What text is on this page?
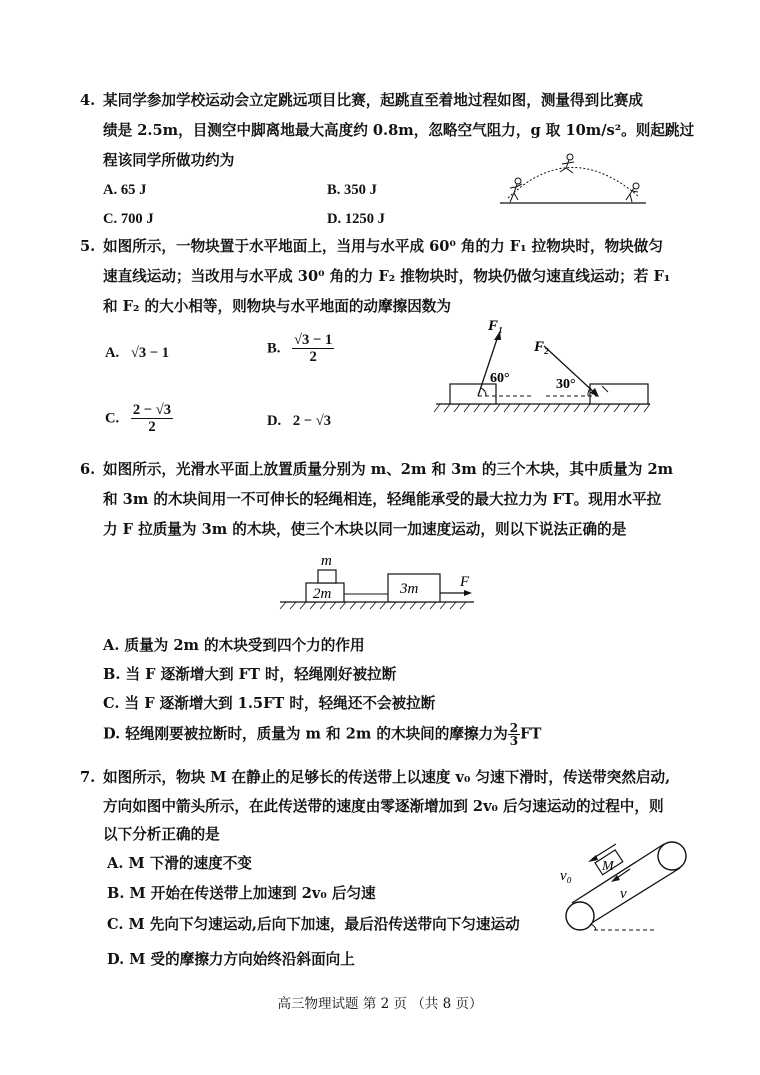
4. 某同学参加学校运动会立定跳远项目比赛，起跳直至着地过程如图，测量得到比赛成
绩是 2.5m，目测空中脚离地最大高度约 0.8m，忽略空气阻力，g 取 10m/s²。则起跳过
程该同学所做功约为
A. 65 J	B. 350 J
C. 700 J	D. 1250 J
5. 如图所示，一物块置于水平地面上，当用与水平成 60⁰ 角的力 F₁ 拉物块时，物块做匀
速直线运动；当改用与水平成 30⁰ 角的力 F₂ 推物块时，物块仍做匀速直线运动；若 F₁
和 F₂ 的大小相等，则物块与水平地面的动摩擦因数为
A. √3 − 1	B. $\frac{√3 - 1}{2}$
C. $\frac{2 - √3}{2}$	D. 2 − √3
F₁
F₂
60°	30°
6. 如图所示，光滑水平面上放置质量分别为 m、2m 和 3m 的三个木块，其中质量为 2m
和 3m 的木块间用一不可伸长的轻绳相连，轻绳能承受的最大拉力为 FT。现用水平拉
力 F 拉质量为 3m 的木块，使三个木块以同一加速度运动，则以下说法正确的是
m
2m	3m	F
A. 质量为 2m 的木块受到四个力的作用
B. 当 F 逐渐增大到 FT 时，轻绳刚好被拉断
C. 当 F 逐渐增大到 1.5FT 时，轻绳还不会被拉断
D. 轻绳刚要被拉断时，质量为 m 和 2m 的木块间的摩擦力为 $\frac{2}{3}$ FT
7. 如图所示，物块 M 在静止的足够长的传送带上以速度 v₀ 匀速下滑时，传送带突然启动,
方向如图中箭头所示，在此传送带的速度由零逐渐增加到 2v₀ 后匀速运动的过程中，则
以下分析正确的是
A. M 下滑的速度不变
B. M 开始在传送带上加速到 2v₀ 后匀速
C. M 先向下匀速运动,后向下加速，最后沿传送带向下匀速运动
D. M 受的摩擦力方向始终沿斜面向上
v₀
M
v
高三物理试题 第 2 页 （共 8 页）
